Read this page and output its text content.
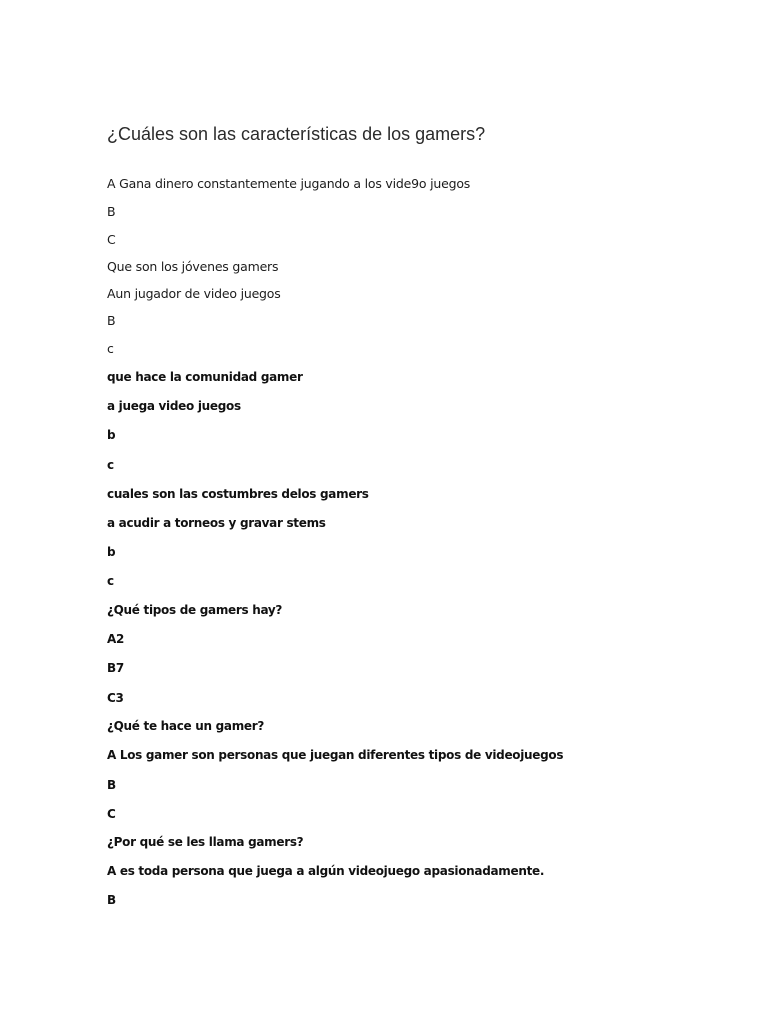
¿Cuáles son las características de los gamers?
A Gana dinero constantemente jugando a los vide9o juegos
B
C
Que son los jóvenes gamers
Aun jugador de video juegos
B
c
que hace la comunidad gamer
a juega video juegos
b
c
cuales son las costumbres delos gamers
a acudir a torneos y gravar stems
b
c
¿Qué tipos de gamers hay?
A2
B7
C3
¿Qué te hace un gamer?
A Los gamer son personas que juegan diferentes tipos de videojuegos
B
C
¿Por qué se les llama gamers?
A es toda persona que juega a algún videojuego apasionadamente.
B
